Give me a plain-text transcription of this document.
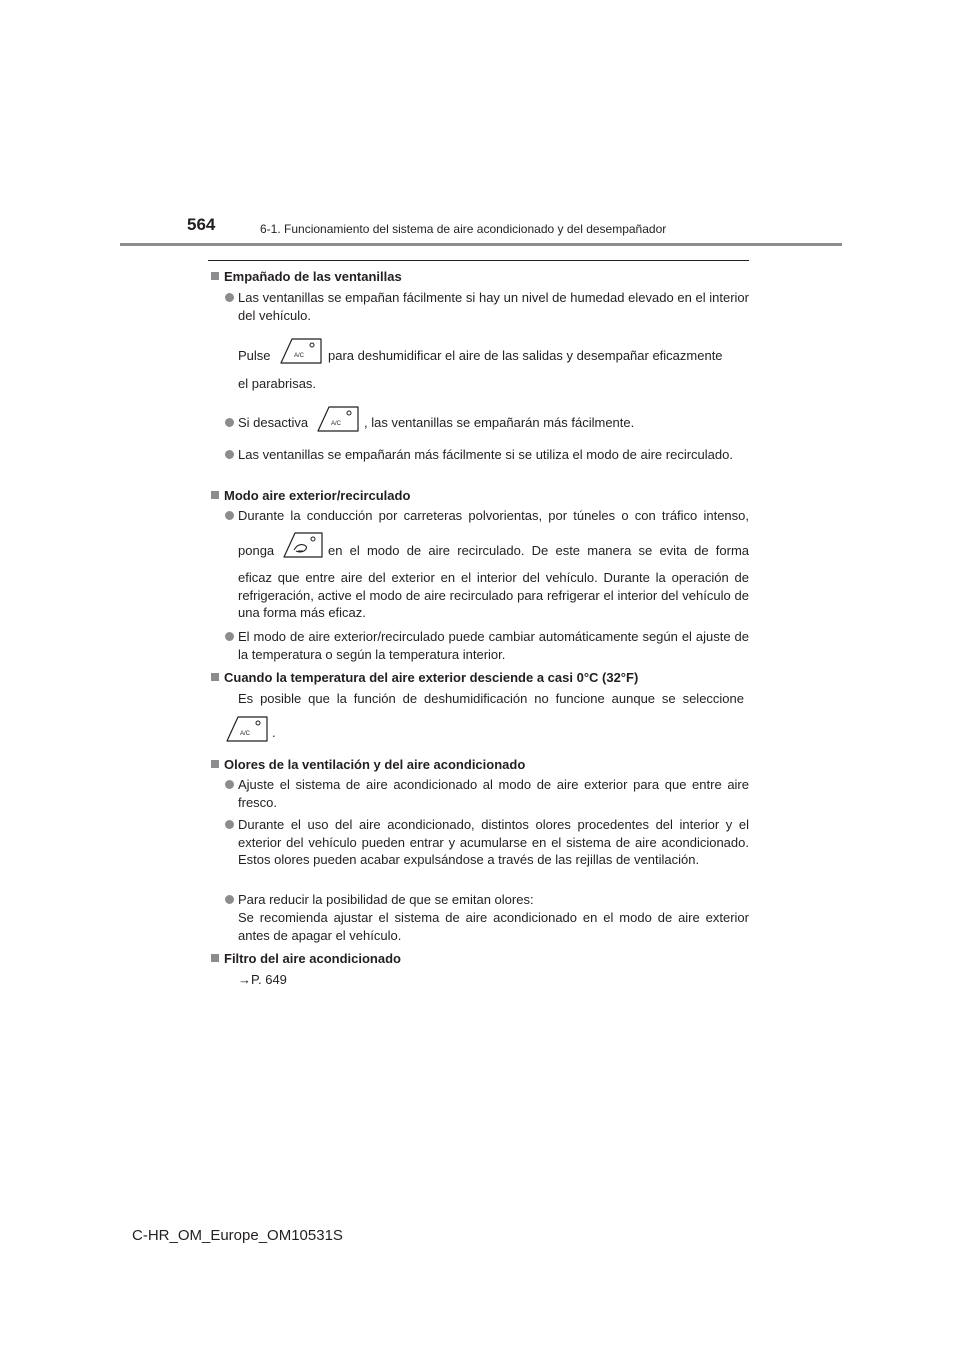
564	6-1. Funcionamiento del sistema de aire acondicionado y del desempañador
Empañado de las ventanillas
Las ventanillas se empañan fácilmente si hay un nivel de humedad elevado en el interior del vehículo.
Pulse	A/C para deshumidificar el aire de las salidas y desempañar eficazmente
el parabrisas.
Si desactiva	A/C , las ventanillas se empañarán más fácilmente.
Las ventanillas se empañarán más fácilmente si se utiliza el modo de aire recirculado.
Modo aire exterior/recirculado
Durante la conducción por carreteras polvorientas, por túneles o con tráfico intenso,
ponga	en el modo de aire recirculado. De este manera se evita de forma
eficaz que entre aire del exterior en el interior del vehículo. Durante la operación de refrigeración, active el modo de aire recirculado para refrigerar el interior del vehículo de una forma más eficaz.
El modo de aire exterior/recirculado puede cambiar automáticamente según el ajuste de la temperatura o según la temperatura interior.
Cuando la temperatura del aire exterior desciende a casi 0°C (32°F)
Es posible que la función de deshumidificación no funcione aunque se seleccione
A/C .
Olores de la ventilación y del aire acondicionado
Ajuste el sistema de aire acondicionado al modo de aire exterior para que entre aire fresco.
Durante el uso del aire acondicionado, distintos olores procedentes del interior y el exterior del vehículo pueden entrar y acumularse en el sistema de aire acondicionado. Estos olores pueden acabar expulsándose a través de las rejillas de ventilación.
Para reducir la posibilidad de que se emitan olores:
Se recomienda ajustar el sistema de aire acondicionado en el modo de aire exterior antes de apagar el vehículo.
Filtro del aire acondicionado
→P. 649
C-HR_OM_Europe_OM10531S
